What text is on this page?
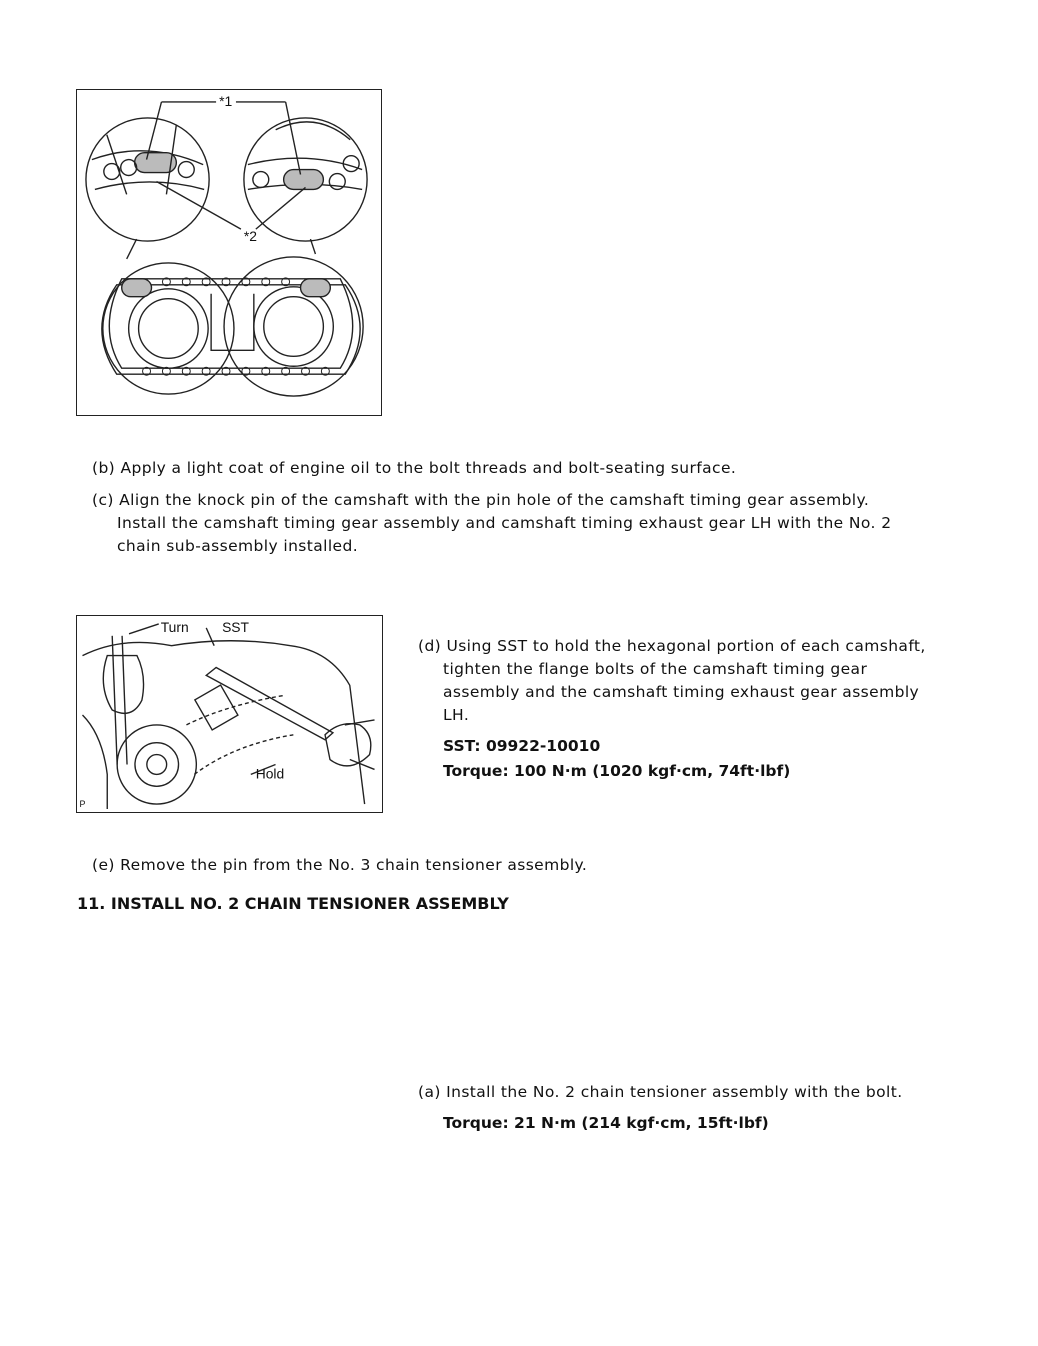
*1
*2
(b) Apply a light coat of engine oil to the bolt threads and bolt-seating surface.
(c) Align the knock pin of the camshaft with the pin hole of the camshaft timing gear assembly.
Install the camshaft timing gear assembly and camshaft timing exhaust gear LH with the No. 2
chain sub-assembly installed.
Turn SST
Hold
P
(d) Using SST to hold the hexagonal portion of each camshaft,
tighten the flange bolts of the camshaft timing gear
assembly and the camshaft timing exhaust gear assembly
LH.
SST: 09922-10010
Torque: 100 N·m (1020 kgf·cm, 74ft·lbf)
(e) Remove the pin from the No. 3 chain tensioner assembly.
11. INSTALL NO. 2 CHAIN TENSIONER ASSEMBLY
(a) Install the No. 2 chain tensioner assembly with the bolt.
Torque: 21 N·m (214 kgf·cm, 15ft·lbf)
